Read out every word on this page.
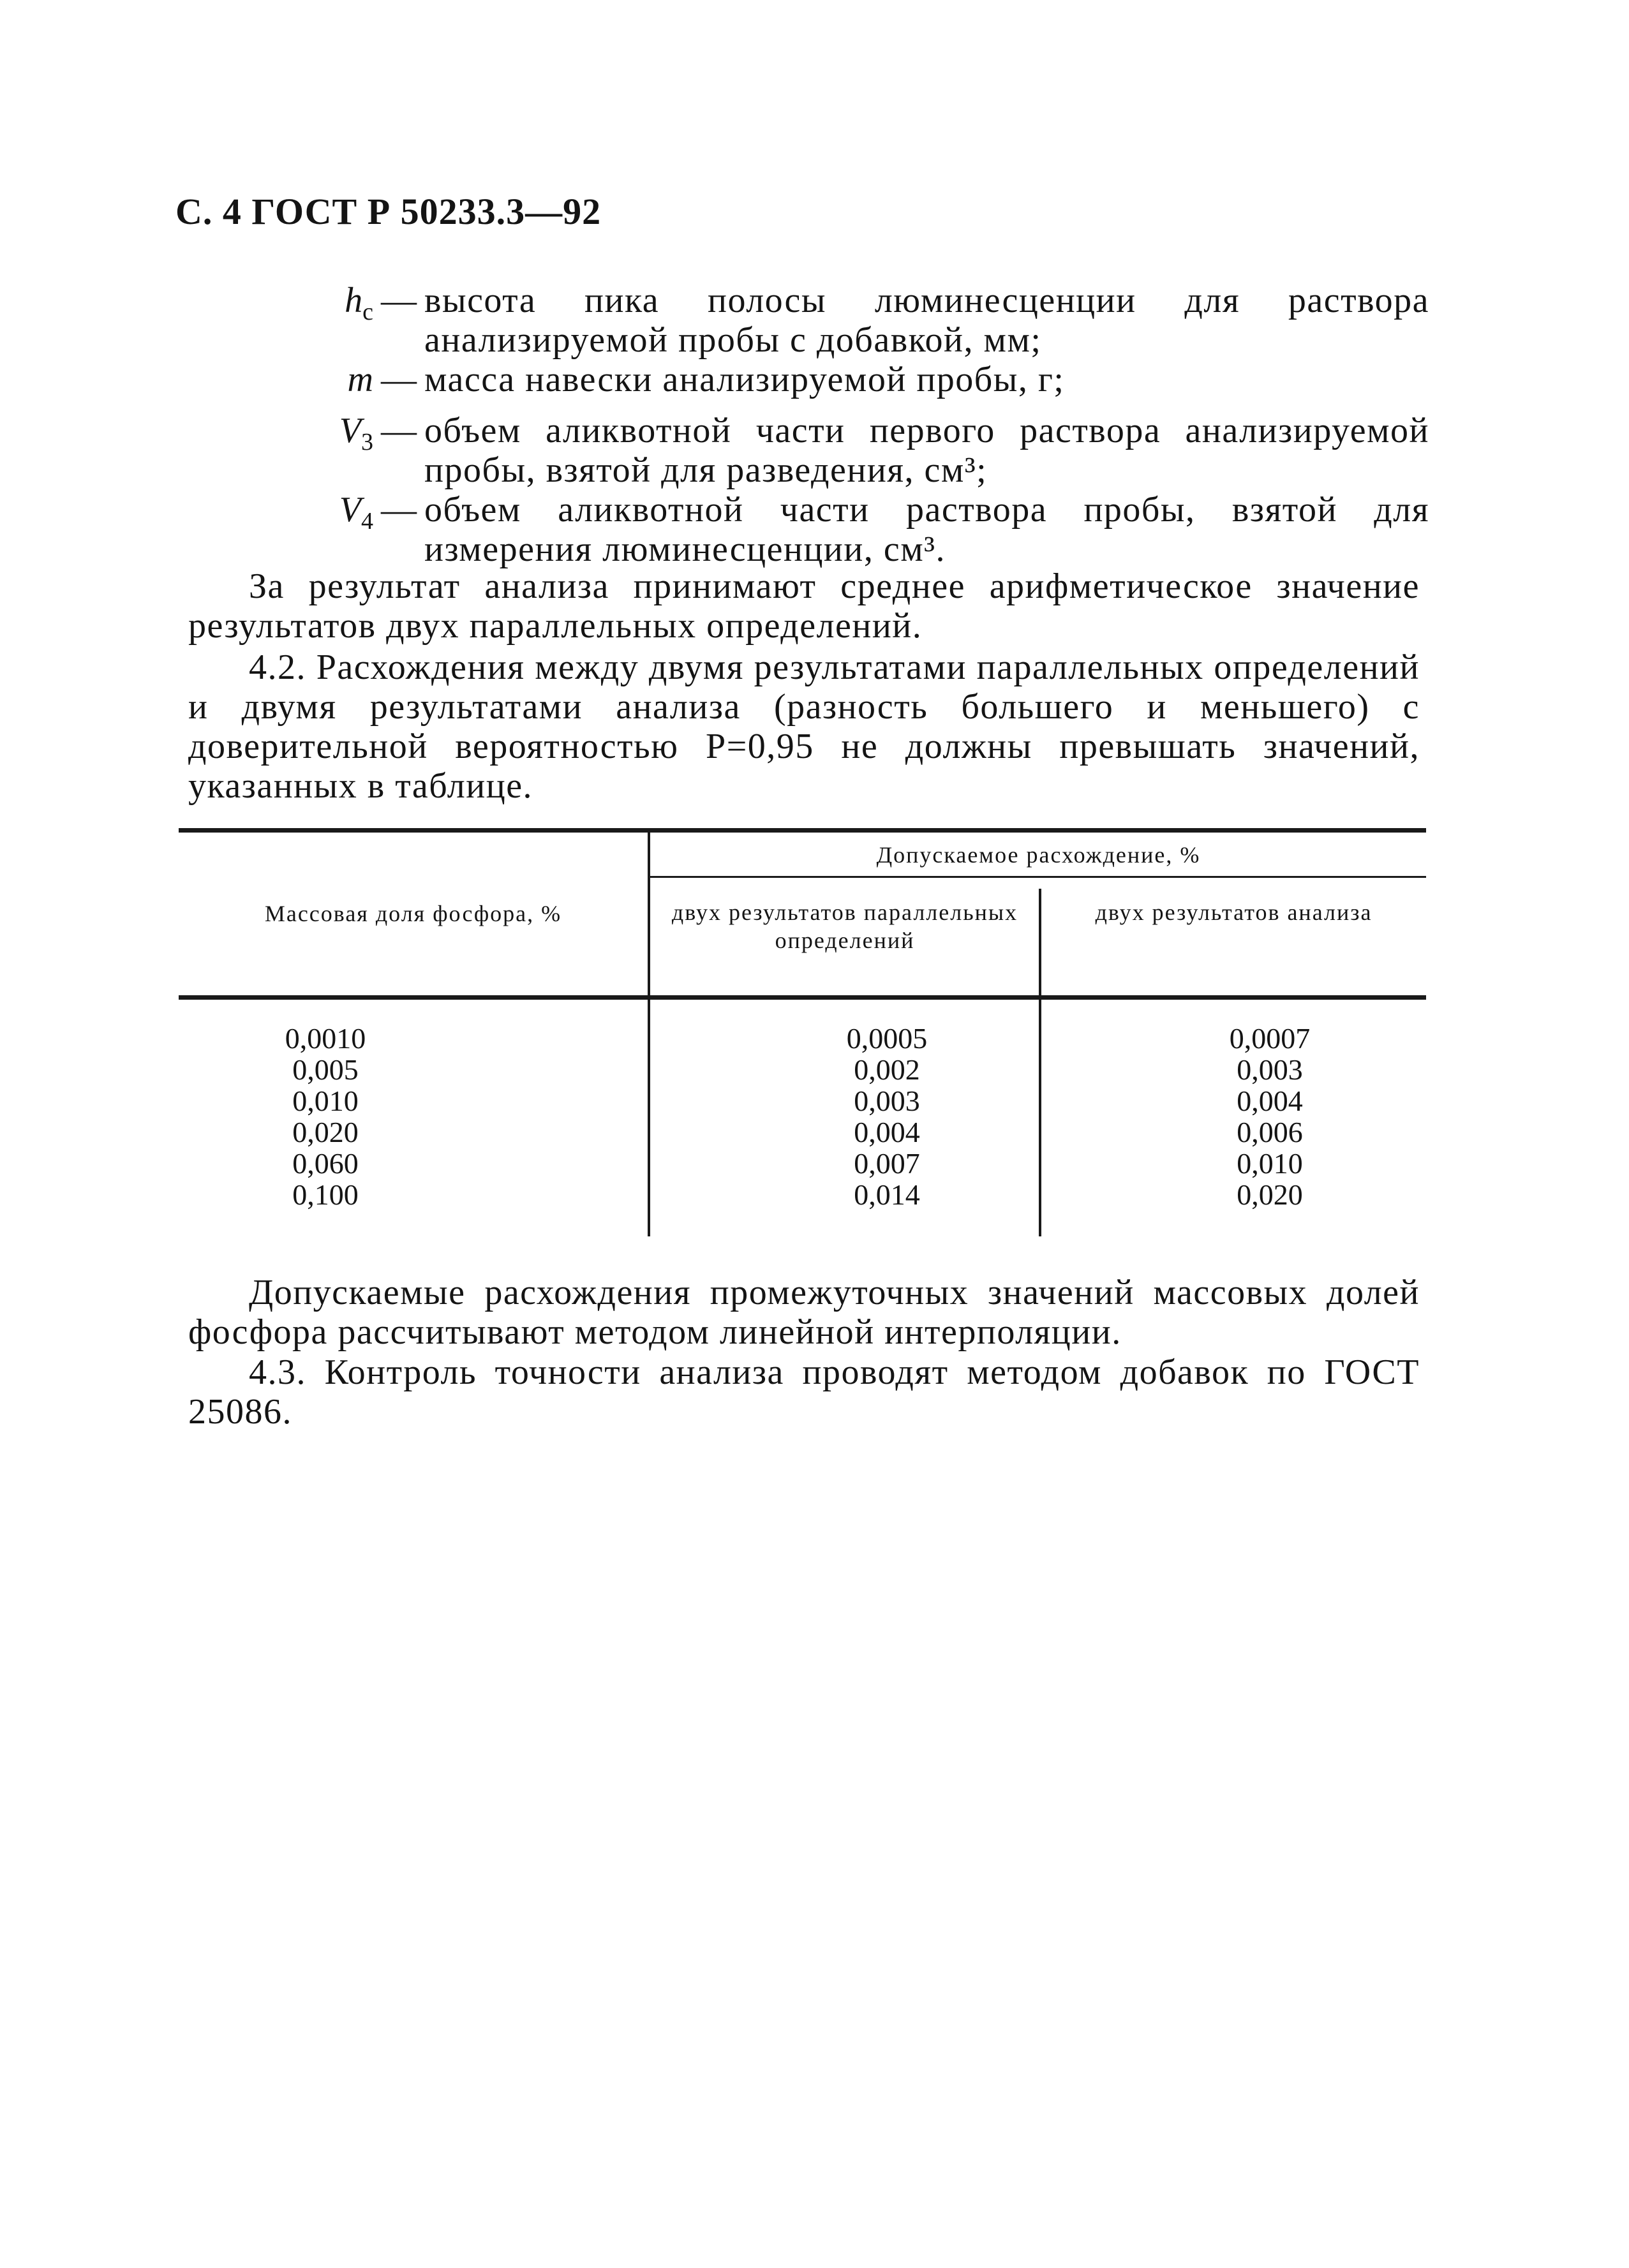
С. 4 ГОСТ Р 50233.3—92
$h_c$ — высота пика полосы люминесценции для раствора анализируемой пробы с добавкой, мм;
m — масса навески анализируемой пробы, г;
$V_3$ — объем аликвотной части первого раствора анализируемой пробы, взятой для разведения, см³;
$V_4$ — объем аликвотной части раствора пробы, взятой для измерения люминесценции, см³.
За результат анализа принимают среднее арифметическое значение результатов двух параллельных определений.
4.2. Расхождения между двумя результатами параллельных определений и двумя результатами анализа (разность большего и меньшего) с доверительной вероятностью P=0,95 не должны превышать значений, указанных в таблице.
Массовая доля фосфора, %
Допускаемое расхождение, %
двух результатов параллельных определений
двух результатов анализа
0,0010
0,005
0,010
0,020
0,060
0,100
0,0005
0,002
0,003
0,004
0,007
0,014
0,0007
0,003
0,004
0,006
0,010
0,020
Допускаемые расхождения промежуточных значений массовых долей фосфора рассчитывают методом линейной интерполяции.
4.3. Контроль точности анализа проводят методом добавок по ГОСТ 25086.
